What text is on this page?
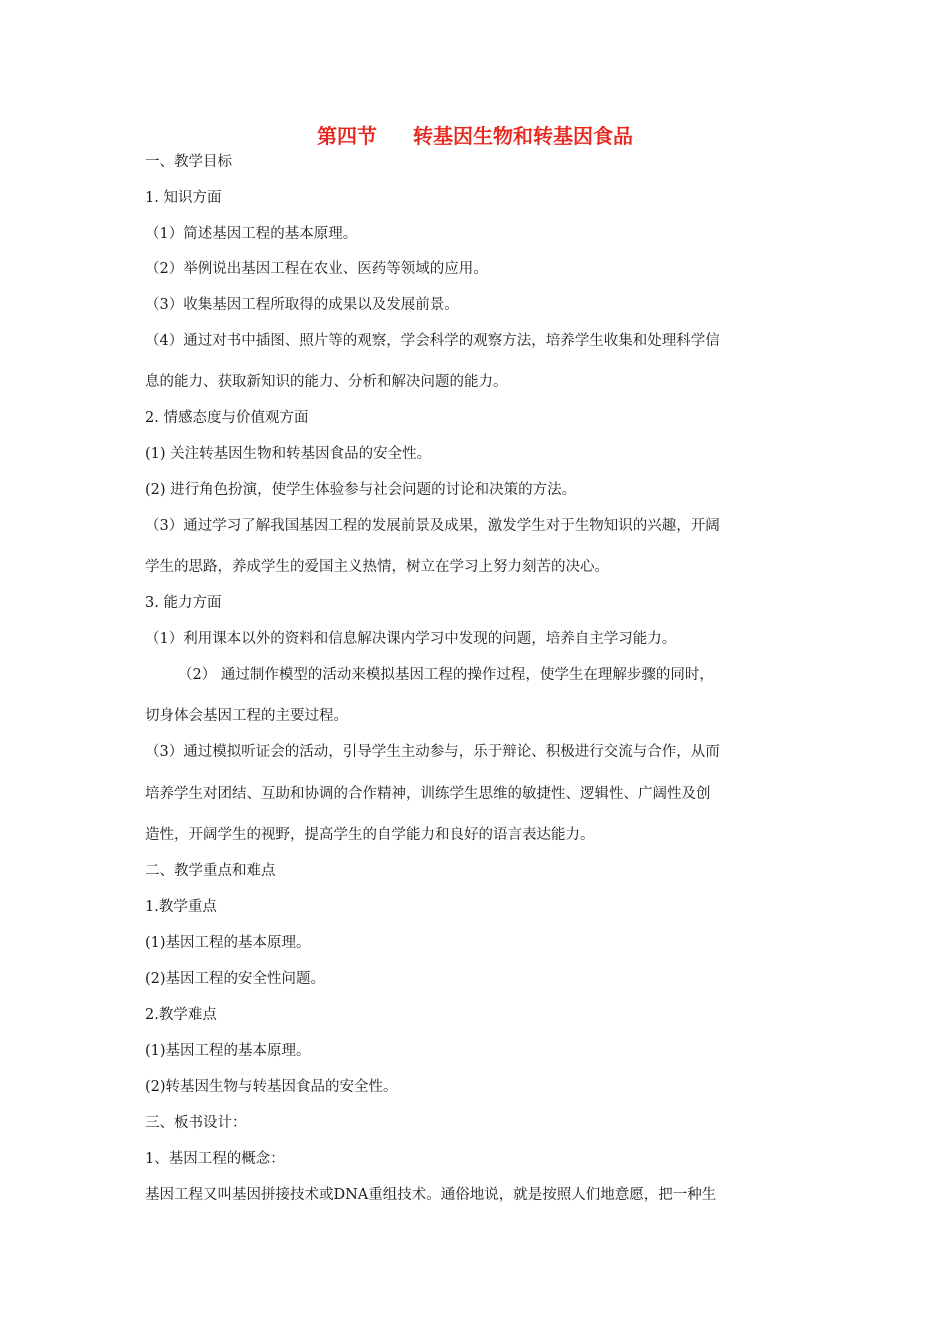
第四节 转基因生物和转基因食品
一、教学目标
1. 知识方面
（1）简述基因工程的基本原理。
（2）举例说出基因工程在农业、医药等领域的应用。
（3）收集基因工程所取得的成果以及发展前景。
（4）通过对书中插图、照片等的观察，学会科学的观察方法，培养学生收集和处理科学信
息的能力、获取新知识的能力、分析和解决问题的能力。
2. 情感态度与价值观方面
(1) 关注转基因生物和转基因食品的安全性。
(2) 进行角色扮演，使学生体验参与社会问题的讨论和决策的方法。
（3）通过学习了解我国基因工程的发展前景及成果，激发学生对于生物知识的兴趣，开阔
学生的思路，养成学生的爱国主义热情，树立在学习上努力刻苦的决心。
3. 能力方面
（1）利用课本以外的资料和信息解决课内学习中发现的问题，培养自主学习能力。
（2） 通过制作模型的活动来模拟基因工程的操作过程，使学生在理解步骤的同时，
切身体会基因工程的主要过程。
（3）通过模拟听证会的活动，引导学生主动参与，乐于辩论、积极进行交流与合作，从而
培养学生对团结、互助和协调的合作精神，训练学生思维的敏捷性、逻辑性、广阔性及创
造性，开阔学生的视野，提高学生的自学能力和良好的语言表达能力。
二、教学重点和难点
1.教学重点
(1)基因工程的基本原理。
(2)基因工程的安全性问题。
2.教学难点
(1)基因工程的基本原理。
(2)转基因生物与转基因食品的安全性。
三、板书设计：
1、基因工程的概念：
基因工程又叫基因拼接技术或DNA重组技术。通俗地说，就是按照人们地意愿，把一种生
